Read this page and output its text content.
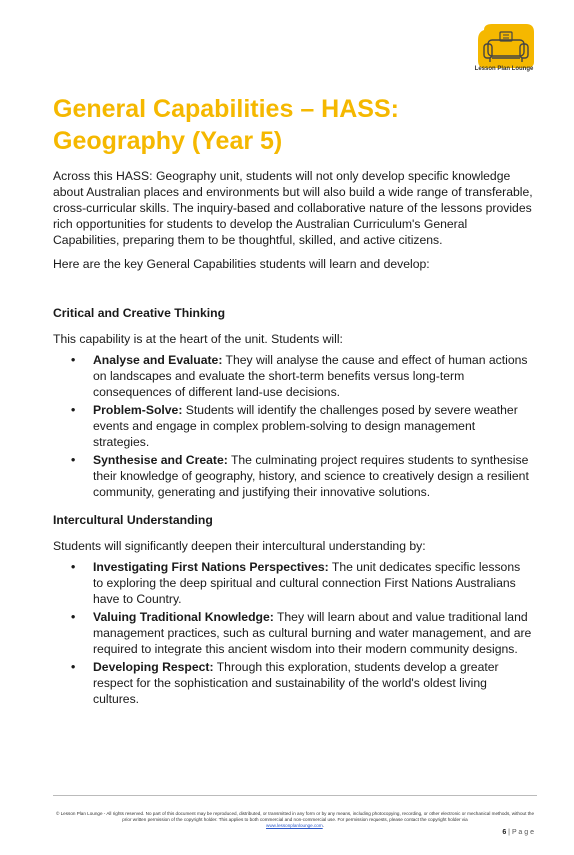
Lesson Plan Lounge
General Capabilities – HASS:
Geography (Year 5)

Across this HASS: Geography unit, students will not only develop specific knowledge about Australian places and environments but will also build a wide range of transferable, cross-curricular skills. The inquiry-based and collaborative nature of the lessons provides rich opportunities for students to develop the Australian Curriculum's General Capabilities, preparing them to be thoughtful, skilled, and active citizens.

Here are the key General Capabilities students will learn and develop:

Critical and Creative Thinking

This capability is at the heart of the unit. Students will:

• Analyse and Evaluate: They will analyse the cause and effect of human actions on landscapes and evaluate the short-term benefits versus long-term consequences of different land-use decisions.
• Problem-Solve: Students will identify the challenges posed by severe weather events and engage in complex problem-solving to design management strategies.
• Synthesise and Create: The culminating project requires students to synthesise their knowledge of geography, history, and science to creatively design a resilient community, generating and justifying their innovative solutions.
Intercultural Understanding

Students will significantly deepen their intercultural understanding by:

• Investigating First Nations Perspectives: The unit dedicates specific lessons to exploring the deep spiritual and cultural connection First Nations Australians have to Country.
• Valuing Traditional Knowledge: They will learn about and value traditional land management practices, such as cultural burning and water management, and are required to integrate this ancient wisdom into their modern community designs.
• Developing Respect: Through this exploration, students develop a greater respect for the sophistication and sustainability of the world's oldest living cultures.

© Lesson Plan Lounge - All rights reserved. No part of this document may be reproduced, distributed, or transmitted in any form or by any means, including photocopying, recording, or other electronic or mechanical methods, without the prior written permission of the copyright holder. This applies to both commercial and non-commercial use. For permission requests, please contact the copyright holder via
www.lessonplanlounge.com.

6 | P a g e
